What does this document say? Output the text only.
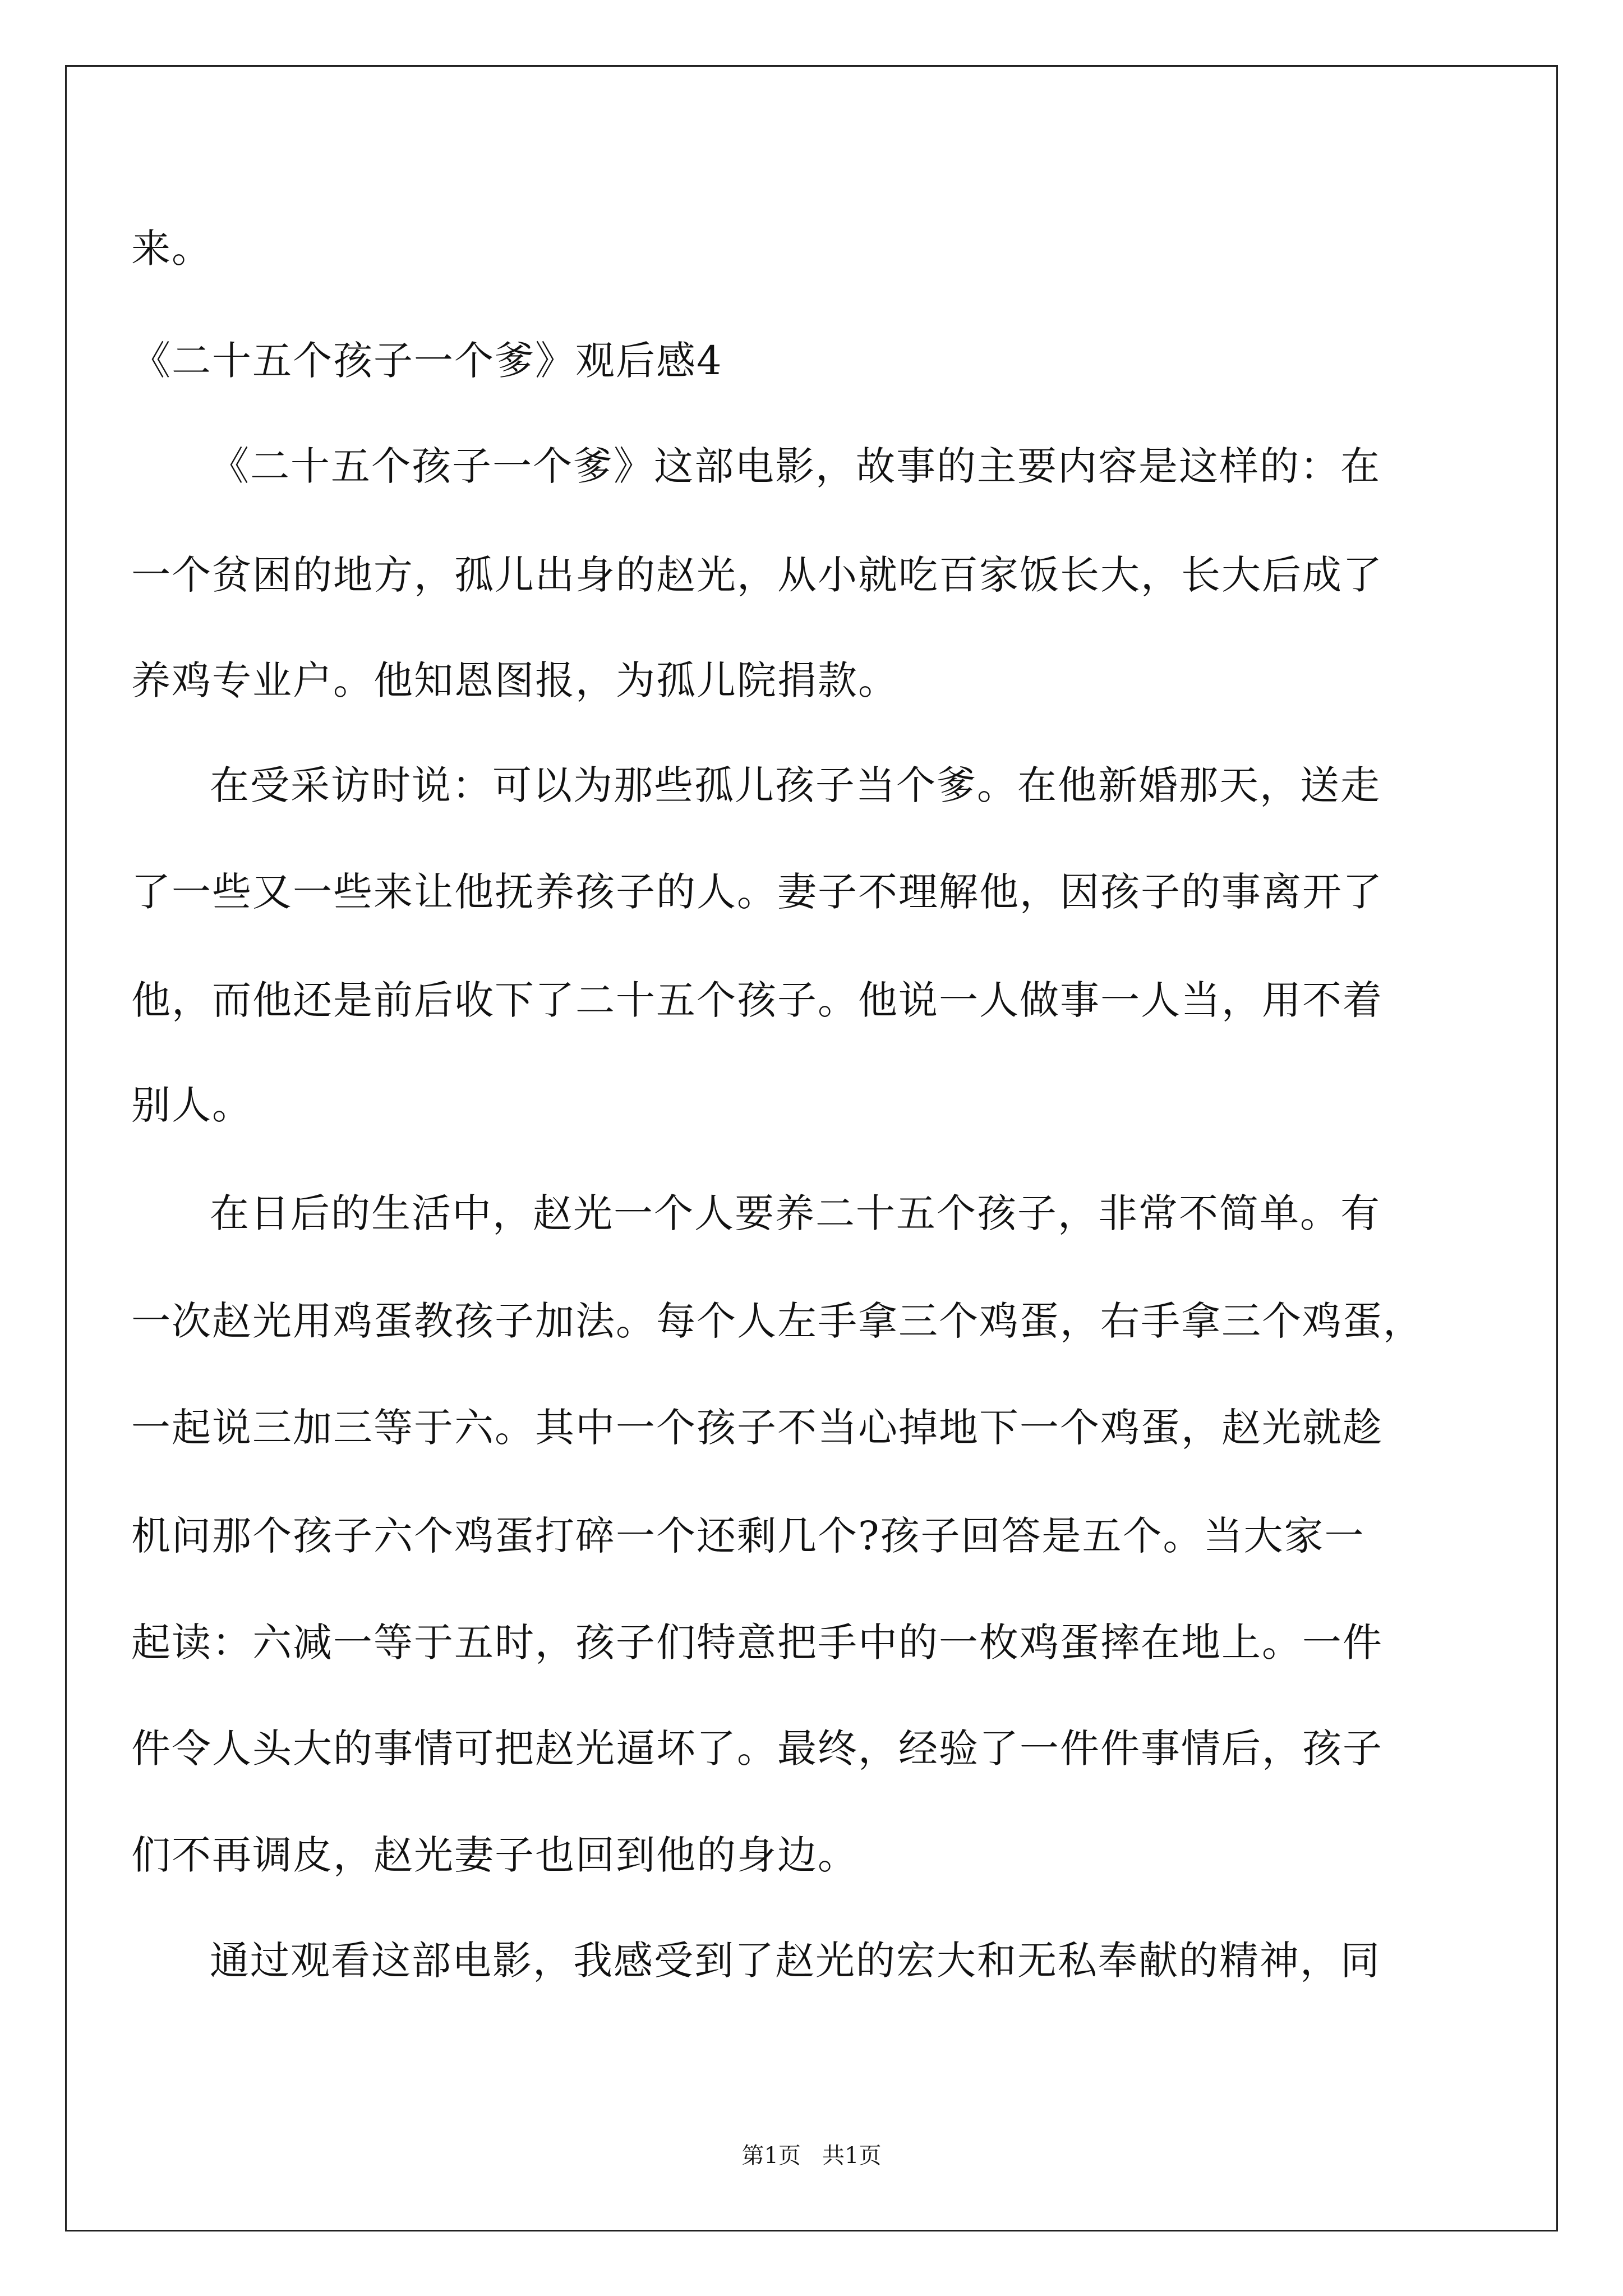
来。
《二十五个孩子一个爹》观后感4
《二十五个孩子一个爹》这部电影，故事的主要内容是这样的：在
一个贫困的地方，孤儿出身的赵光，从小就吃百家饭长大，长大后成了
养鸡专业户。他知恩图报，为孤儿院捐款。
在受采访时说：可以为那些孤儿孩子当个爹。在他新婚那天，送走
了一些又一些来让他抚养孩子的人。妻子不理解他，因孩子的事离开了
他，而他还是前后收下了二十五个孩子。他说一人做事一人当，用不着
别人。
在日后的生活中，赵光一个人要养二十五个孩子，非常不简单。有
一次赵光用鸡蛋教孩子加法。每个人左手拿三个鸡蛋，右手拿三个鸡蛋，
一起说三加三等于六。其中一个孩子不当心掉地下一个鸡蛋，赵光就趁
机问那个孩子六个鸡蛋打碎一个还剩几个?孩子回答是五个。当大家一
起读：六减一等于五时，孩子们特意把手中的一枚鸡蛋摔在地上。一件
件令人头大的事情可把赵光逼坏了。最终，经验了一件件事情后，孩子
们不再调皮，赵光妻子也回到他的身边。
通过观看这部电影，我感受到了赵光的宏大和无私奉献的精神，同
第1页   共1页
